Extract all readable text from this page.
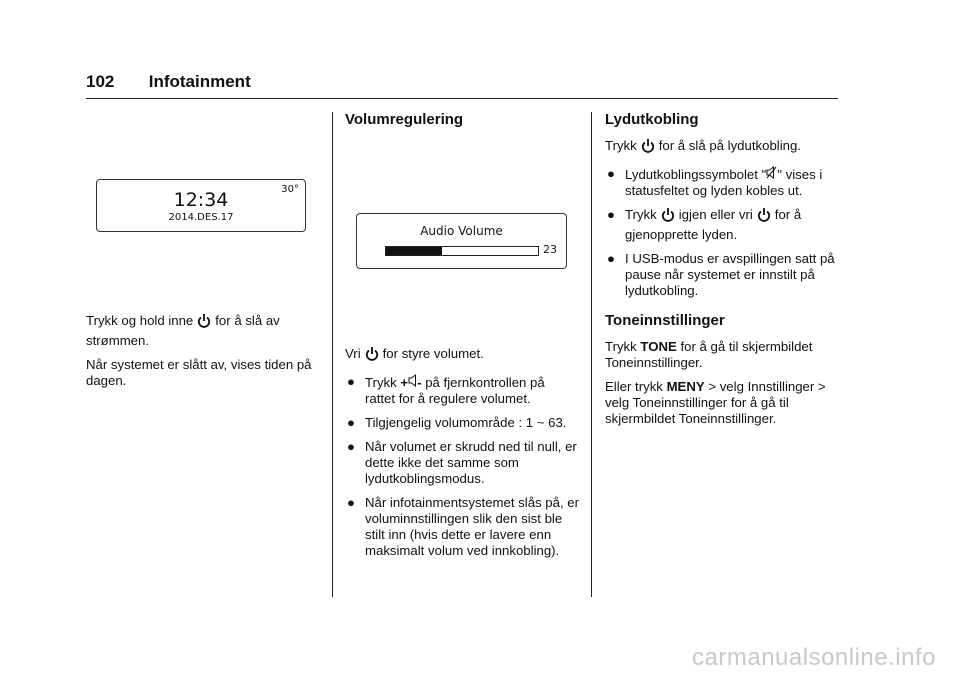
102 Infotainment
30°
12:34
2014.DES.17

Trykk og hold inne for å slå av
strømmen.

Når systemet er slått av, vises tiden på dagen.

Volumregulering
Audio Volume
23

Vri for styre volumet.

● Trykk + - på fjernkontrollen på
rattet for å regulere volumet.
● Tilgjengelig volumområde : 1 ~ 63.
● Når volumet er skrudd ned til null, er dette ikke det samme som lydutkoblingsmodus.
● Når infotainmentsystemet slås på, er voluminnstillingen slik den sist ble stilt inn (hvis dette er lavere enn maksimalt volum ved innkobling).
Lydutkobling

Trykk for å slå på lydutkobling.

● Lydutkoblingssymbolet " " vises i statusfeltet og lyden kobles ut.
● Trykk igjen eller vri for å
gjenopprette lyden.
● I USB-modus er avspillingen satt på pause når systemet er innstilt på lydutkobling.
Toneinnstillinger

Trykk TONE for å gå til skjermbildet Toneinnstillinger.

Eller trykk MENY > velg Innstillinger > velg Toneinnstillinger for å gå til skjermbildet Toneinnstillinger.

carmanualsonline.info
